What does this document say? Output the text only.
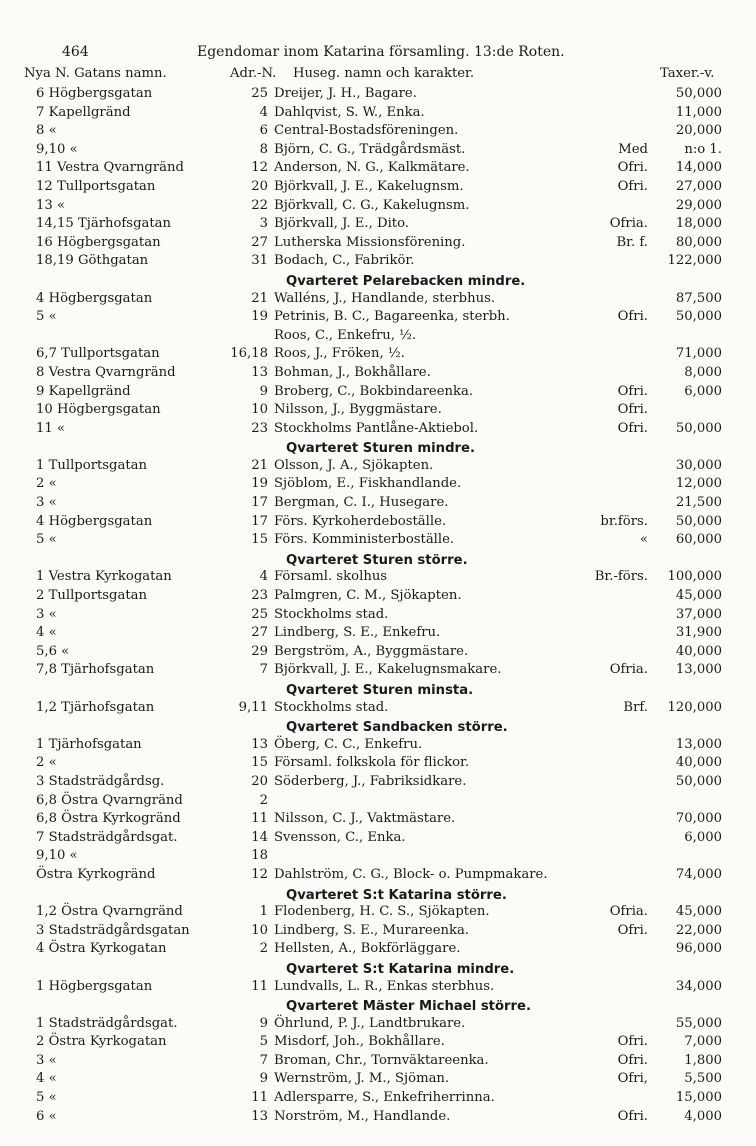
464	Egendomar inom Katarina församling. 13:de Roten.
Nya N. Gatans namn.	Adr.-N. Huseg. namn och karakter.	Taxer.-v.
6 Högbergsgatan	25 Dreijer, J. H., Bagare.	50,000
7 Kapellgränd	4 Dahlqvist, S. W., Enka.	11,000
8 «	6 Central-Bostadsföreningen.	20,000
9,10 «	8 Björn, C. G., Trädgårdsmäst.	Med	n:o 1.
11 Vestra Qvarngränd	12 Anderson, N. G., Kalkmätare.	Ofri.	14,000
12 Tullportsgatan	20 Björkvall, J. E., Kakelugnsm.	Ofri.	27,000
13 «	22 Björkvall, C. G., Kakelugnsm.	29,000
14,15 Tjärhofsgatan	3 Björkvall, J. E., Dito.	Ofria.	18,000
16 Högbergsgatan	27 Lutherska Missionsförening.	Br. f.	80,000
18,19 Göthgatan	31 Bodach, C., Fabrikör.	122,000
Qvarteret Pelarebacken mindre.
4 Högbergsgatan	21 Walléns, J., Handlande, sterbhus.	87,500
5 «	19 Petrinis, B. C., Bagareenka, sterbh.	Ofri.	50,000
Roos, C., Enkefru, ½.
6,7 Tullportsgatan	16,18 Roos, J., Fröken, ½.	71,000
8 Vestra Qvarngränd	13 Bohman, J., Bokhållare.	8,000
9 Kapellgränd	9 Broberg, C., Bokbindareenka.	Ofri.	6,000
10 Högbergsgatan	10 Nilsson, J., Byggmästare.	Ofri.
11 «	23 Stockholms Pantlåne-Aktiebol.	Ofri.	50,000
Qvarteret Sturen mindre.
1 Tullportsgatan	21 Olsson, J. A., Sjökapten.	30,000
2 «	19 Sjöblom, E., Fiskhandlande.	12,000
3 «	17 Bergman, C. I., Husegare.	21,500
4 Högbergsgatan	17 Förs. Kyrkoherdeboställe.	br.förs.	50,000
5 «	15 Förs. Komministerboställe.	«	60,000
Qvarteret Sturen större.
1 Vestra Kyrkogatan	4 Församl. skolhus	Br.-förs.	100,000
2 Tullportsgatan	23 Palmgren, C. M., Sjökapten.	45,000
3 «	25 Stockholms stad.	37,000
4 «	27 Lindberg, S. E., Enkefru.	31,900
5,6 «	29 Bergström, A., Byggmästare.	40,000
7,8 Tjärhofsgatan	7 Björkvall, J. E., Kakelugnsmakare.	Ofria.	13,000
Qvarteret Sturen minsta.
1,2 Tjärhofsgatan	9,11 Stockholms stad.	Brf.	120,000
Qvarteret Sandbacken större.
1 Tjärhofsgatan	13 Öberg, C. C., Enkefru.	13,000
2 «	15 Församl. folkskola för flickor.	40,000
3 Stadsträdgårdsg.	20 Söderberg, J., Fabriksidkare.	50,000
6,8 Östra Qvarngränd	2
6,8 Östra Kyrkogränd	11 Nilsson, C. J., Vaktmästare.	70,000
7 Stadsträdgårdsgat.	14 Svensson, C., Enka.	6,000
9,10 «	18
Östra Kyrkogränd	12 Dahlström, C. G., Block- o. Pumpmakare.	74,000
Qvarteret S:t Katarina större.
1,2 Östra Qvarngränd	1 Flodenberg, H. C. S., Sjökapten.	Ofria.	45,000
3 Stadsträdgårdsgatan	10 Lindberg, S. E., Murareenka.	Ofri.	22,000
4 Östra Kyrkogatan	2 Hellsten, A., Bokförläggare.	96,000
Qvarteret S:t Katarina mindre.
1 Högbergsgatan	11 Lundvalls, L. R., Enkas sterbhus.	34,000
Qvarteret Mäster Michael större.
1 Stadsträdgårdsgat.	9 Öhrlund, P. J., Landtbrukare.	55,000
2 Östra Kyrkogatan	5 Misdorf, Joh., Bokhållare.	Ofri.	7,000
3 «	7 Broman, Chr., Tornväktareenka.	Ofri.	1,800
4 «	9 Wernström, J. M., Sjöman.	Ofri,	5,500
5 «	11 Adlersparre, S., Enkefriherrinna.	15,000
6 «	13 Norström, M., Handlande.	Ofri.	4,000
